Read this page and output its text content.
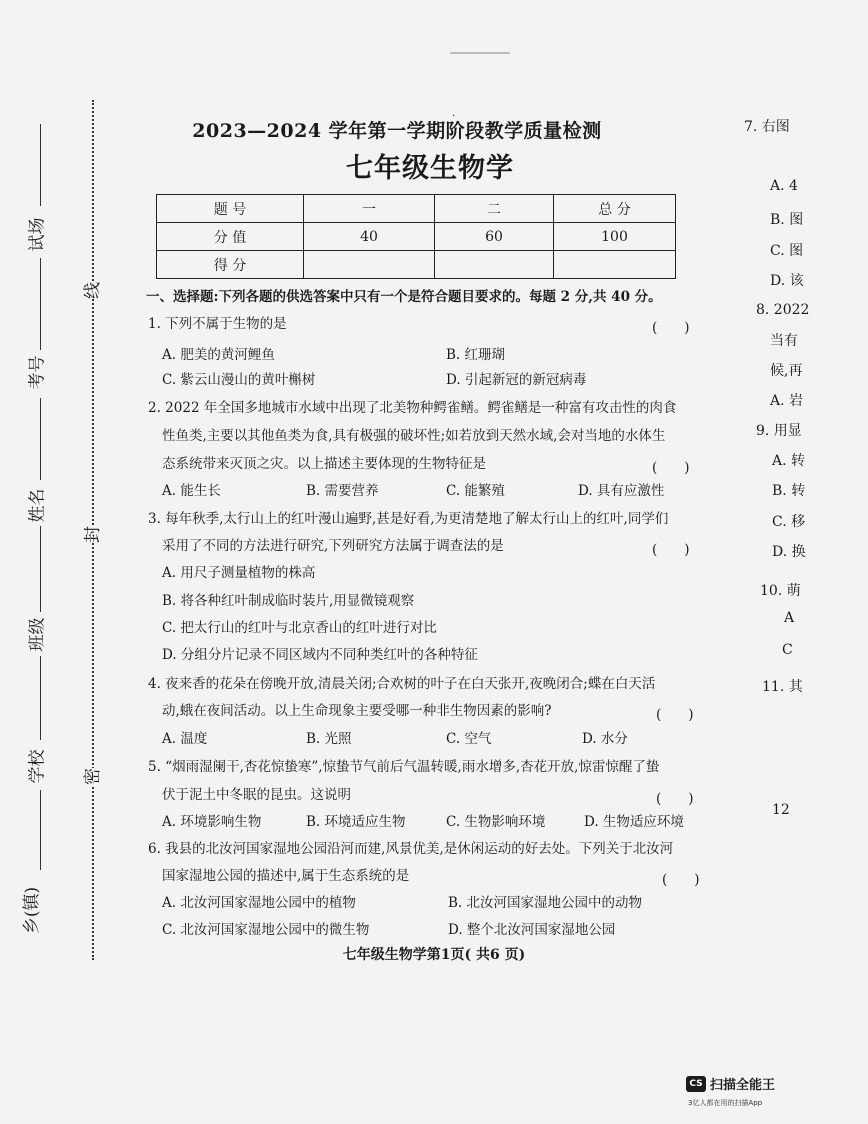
.
2023—2024 学年第一学期阶段教学质量检测
七年级生物学
题 号	一	二	总 分
分 值	40	60	100
得 分			
一、选择题:下列各题的供选答案中只有一个是符合题目要求的。每题 2 分,共 40 分。
1. 下列不属于生物的是	(　　)
A. 肥美的黄河鲤鱼	B. 红珊瑚
C. 紫云山漫山的黄叶槲树	D. 引起新冠的新冠病毒
2. 2022 年全国多地城市水域中出现了北美物种鳄雀鳝。鳄雀鳝是一种富有攻击性的肉食
性鱼类,主要以其他鱼类为食,具有极强的破坏性;如若放到天然水域,会对当地的水体生
态系统带来灭顶之灾。以上描述主要体现的生物特征是	(　　)
A. 能生长	B. 需要营养	C. 能繁殖	D. 具有应激性
3. 每年秋季,太行山上的红叶漫山遍野,甚是好看,为更清楚地了解太行山上的红叶,同学们
采用了不同的方法进行研究,下列研究方法属于调查法的是	(　　)
A. 用尺子测量植物的株高
B. 将各种红叶制成临时装片,用显微镜观察
C. 把太行山的红叶与北京香山的红叶进行对比
D. 分组分片记录不同区域内不同种类红叶的各种特征
4. 夜来香的花朵在傍晚开放,清晨关闭;合欢树的叶子在白天张开,夜晚闭合;蝶在白天活
动,蛾在夜间活动。以上生命现象主要受哪一种非生物因素的影响?	(　　)
A. 温度	B. 光照	C. 空气	D. 水分
5. “烟雨湿阑干,杏花惊蛰寒”,惊蛰节气前后气温转暖,雨水增多,杏花开放,惊雷惊醒了蛰
伏于泥土中冬眠的昆虫。这说明	(　　)
A. 环境影响生物	B. 环境适应生物	C. 生物影响环境	D. 生物适应环境
6. 我县的北汝河国家湿地公园沿河而建,风景优美,是休闲运动的好去处。下列关于北汝河
国家湿地公园的描述中,属于生态系统的是	(　　)
A. 北汝河国家湿地公园中的植物	B. 北汝河国家湿地公园中的动物
C. 北汝河国家湿地公园中的微生物	D. 整个北汝河国家湿地公园
七年级生物学第1页( 共6 页)
试场
考号
姓名
班级
学校
乡(镇)
线
封
密
7. 右图
A. 4
B. 图
C. 图
D. 该
8. 2022
当有
候,再
A. 岩
9. 用显
A. 转
B. 转
C. 移
D. 换
10. 萌
A
C
11. 其
12
CS 扫描全能王
3亿人都在用的扫描App
